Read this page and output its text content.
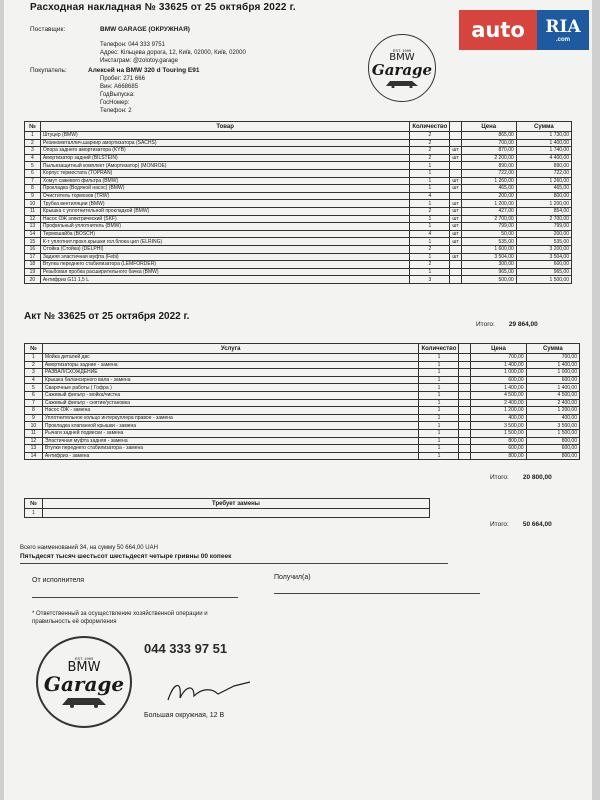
Расходная накладная № 33625 от 25 октября 2022 г.
Поставщик:	BMW GARAGE (ОКРУЖНАЯ)
Телефон: 044 333 9751
Адрес: Кільцева дорога, 12, Київ, 02000, Київ, 02000
Инстаграм: @zolotoy.garage
Покупатель:	Алексей на BMW 320 d Touring E91
Пробег: 271 666
Вин: A668685
ГодВыпуска:
ГосНомер:
Телефон: 2
EST. 1999
BMW
Garage
auto	RIA
.com
№	Товар	Количество		Цена	Сумма
1	Штуцер (BMW)	2		865,00	1 730,00
2	Резинометаллич.шарнир амортизатора (SACHS)	2		700,00	1 400,00
3	Опора заднего амортизатора (KYB)	2	шт	870,00	1 740,00
4	Амортизатор задний (BILSTEIN)	2	шт	2 200,00	4 400,00
5	Пыльезащитный комплект (Амортизатор) (MONROE)	1		890,00	890,00
6	Корпус термостата (TOPRAN)	1		722,00	722,00
7	Хомут сажевого фильтра (BMW)	1	шт	1 260,00	1 260,00
8	Прокладка (Водяной насос) (BMW)	1	шт	465,00	465,00
9	Очиститель тормозов (TRW)	4		200,00	800,00
10	Трубка вентиляции (BMW)	1	шт	1 200,00	1 200,00
11	Крышка с уплотнительной прокладкой (BMW)	2	шт	427,00	854,00
12	Насос ОЖ электрический (SKF)	1	шт	2 700,00	2 700,00
13	Профильный уплотнитель (BMW)	1	шт	799,00	799,00
14	Термошайба (BOSCH)	4	шт	50,00	200,00
15	К-т уплотнит.прокл.крышки гол.блока цил (ELRING)	1	шт	535,00	535,00
16	Стойка (Стойка) (DELPHI)	2		1 600,00	3 200,00
17	Задняя эластичная муфта (Febi)	1	шт	3 504,00	3 504,00
18	Втулка переднего стабилизатора (LEMFÖRDER)	2		300,00	600,00
19	Резьбовая пробка расширительного бачка (BMW)	1		965,00	965,00
20	Антифриз G11 1,5 L	3		500,00	1 500,00
Итого: 29 864,00
Акт № 33625 от 25 октября 2022 г.
№	Услуга	Количество		Цена	Сумма
1	Мойка деталей двс	1		700,00	700,00
2	Амортизаторы задние - замена	1		1 400,00	1 400,00
3	РАЗВАЛ/СХОЖДЕНИЕ	1		1 000,00	1 000,00
4	Крышка балансирного вала - замена	1		600,00	600,00
5	Сварочные работы ( Гофра )	1		1 400,00	1 400,00
6	Сажевый фильтр - мойка/чистка	1		4 500,00	4 500,00
7	Сажевый фильтр - снятие/установка	1		2 400,00	2 400,00
8	Насос ОЖ - замена	1		1 200,00	1 200,00
9	Уплотнительное кольцо интеркуллера правое - замена	1		400,00	400,00
10	Прокладка клапанной крышки - замена	1		3 500,00	3 500,00
11	Рычаги задней подвески - замена	1		1 500,00	1 500,00
12	Эластичная муфта задняя - замена	1		800,00	800,00
13	Втулки переднего стабилизатора - замена	1		600,00	600,00
14	Антифриз - замена	1		800,00	800,00
Итого: 20 800,00
№	Требует замены
1	
Итого: 50 664,00
Всего наименований 34, на сумму 50 664,00 UAH
Пятьдесят тысяч шестьсот шестьдесят четыре гривны 00 копеек
От исполнителя	Получил(а)
* Ответственный за осуществление хозяйственной операции и
правильность её оформления
EST. 1999
BMW
Garage
044 333 97 51
Большая окружная, 12 В
